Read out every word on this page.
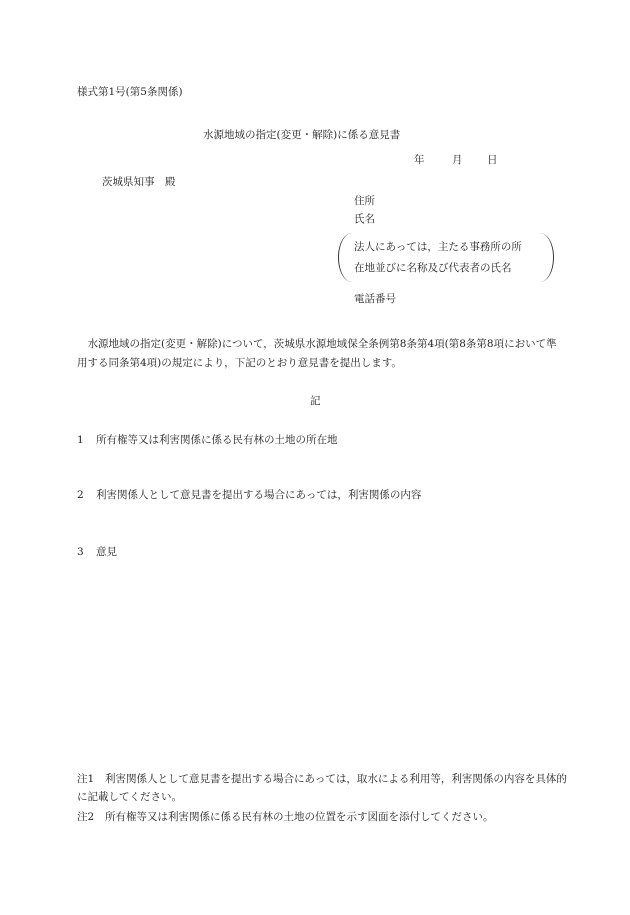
様式第1号(第5条関係)
水源地域の指定(変更・解除)に係る意見書
年	月 日
茨城県知事　殿
住所
氏名
法人にあっては，主たる事務所の所
在地並びに名称及び代表者の氏名
電話番号
水源地域の指定(変更・解除)について，茨城県水源地域保全条例第8条第4項(第8条第8項において準用する同条第4項)の規定により，下記のとおり意見書を提出します。
記
1 所有権等又は利害関係に係る民有林の土地の所在地
2 利害関係人として意見書を提出する場合にあっては，利害関係の内容
3 意見
注1 利害関係人として意見書を提出する場合にあっては，取水による利用等，利害関係の内容を具体的に記載してください。
注2 所有権等又は利害関係に係る民有林の土地の位置を示す図面を添付してください。
